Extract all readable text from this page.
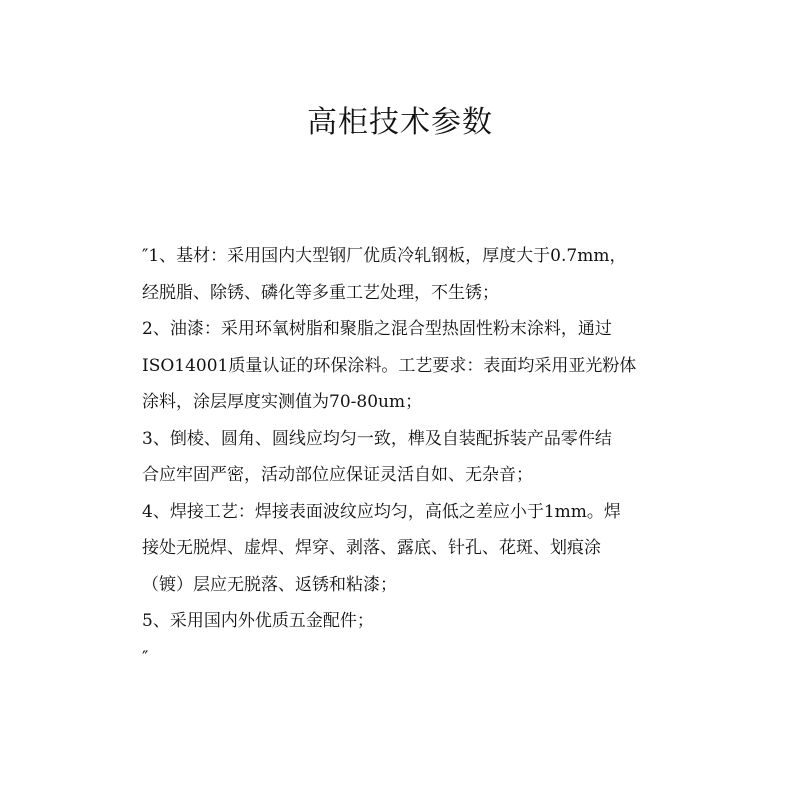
高柜技术参数
″1、基材：采用国内大型钢厂优质冷轧钢板，厚度大于0.7mm，
经脱脂、除锈、磷化等多重工艺处理，不生锈；
2、油漆：采用环氧树脂和聚脂之混合型热固性粉末涂料，通过
ISO14001质量认证的环保涂料。工艺要求：表面均采用亚光粉体
涂料，涂层厚度实测值为70-80um；
3、倒棱、圆角、圆线应均匀一致，榫及自装配拆装产品零件结
合应牢固严密，活动部位应保证灵活自如、无杂音；
4、焊接工艺：焊接表面波纹应均匀，高低之差应小于1mm。焊
接处无脱焊、虚焊、焊穿、剥落、露底、针孔、花斑、划痕涂
（镀）层应无脱落、返锈和粘漆；
5、采用国内外优质五金配件；
″
